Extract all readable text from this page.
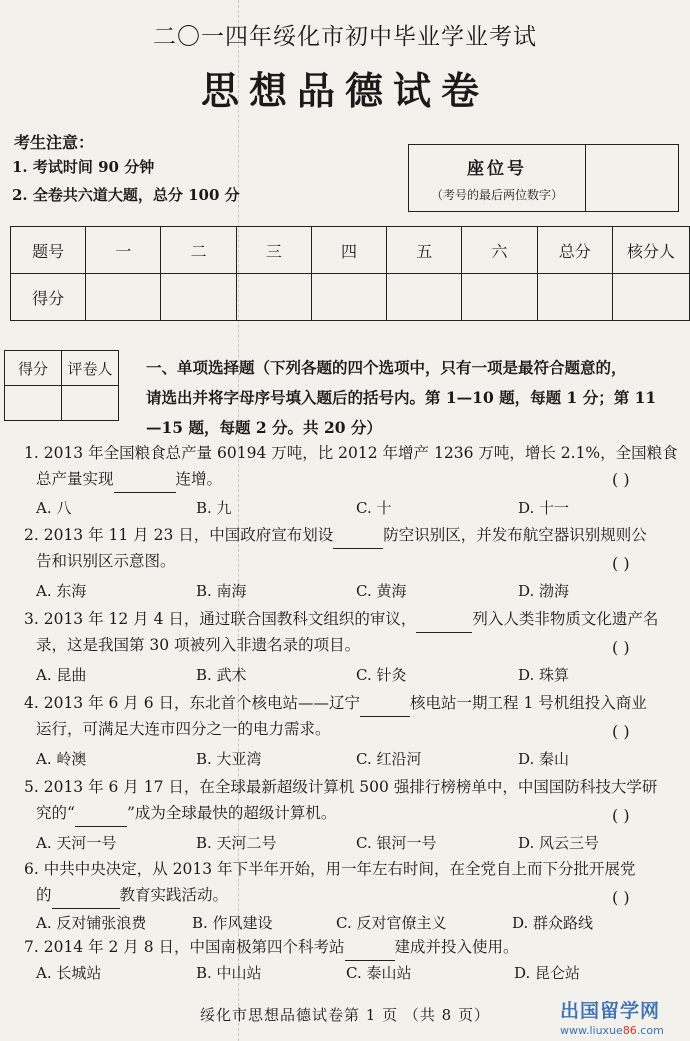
二〇一四年绥化市初中毕业学业考试
思想品德试卷
考生注意：
1. 考试时间 90 分钟
2. 全卷共六道大题，总分 100 分
座位号
（考号的最后两位数字）	
题号	一	二	三	四	五	六	总分	核分人
得分								
得分	评卷人
	一、单项选择题（下列各题的四个选项中，只有一项是最符合题意的，
请选出并将字母序号填入题后的括号内。第 1—10 题，每题 1 分；第 11
—15 题，每题 2 分。共 20 分）
1. 2013 年全国粮食总产量 60194 万吨，比 2012 年增产 1236 万吨，增长 2.1%，全国粮食
总产量实现	连增。	( )
A. 八	B. 九	C. 十	D. 十一
2. 2013 年 11 月 23 日，中国政府宣布划设	防空识别区，并发布航空器识别规则公
告和识别区示意图。	( )
A. 东海	B. 南海	C. 黄海	D. 渤海
3. 2013 年 12 月 4 日，通过联合国教科文组织的审议，	列入人类非物质文化遗产名
录，这是我国第 30 项被列入非遗名录的项目。	( )
A. 昆曲	B. 武术	C. 针灸	D. 珠算
4. 2013 年 6 月 6 日，东北首个核电站——辽宁	核电站一期工程 1 号机组投入商业
运行，可满足大连市四分之一的电力需求。	( )
A. 岭澳	B. 大亚湾	C. 红沿河	D. 秦山
5. 2013 年 6 月 17 日，在全球最新超级计算机 500 强排行榜榜单中，中国国防科技大学研
究的“	”成为全球最快的超级计算机。	( )
A. 天河一号	B. 天河二号	C. 银河一号	D. 风云三号
6. 中共中央决定，从 2013 年下半年开始，用一年左右时间，在全党自上而下分批开展党
的	教育实践活动。	( )
A. 反对铺张浪费	B. 作风建设	C. 反对官僚主义	D. 群众路线
7. 2014 年 2 月 8 日，中国南极第四个科考站	建成并投入使用。
A. 长城站	B. 中山站	C. 泰山站	D. 昆仑站
绥化市思想品德试卷第 1 页 （共 8 页）	出国留学网
www.liuxue86.com
